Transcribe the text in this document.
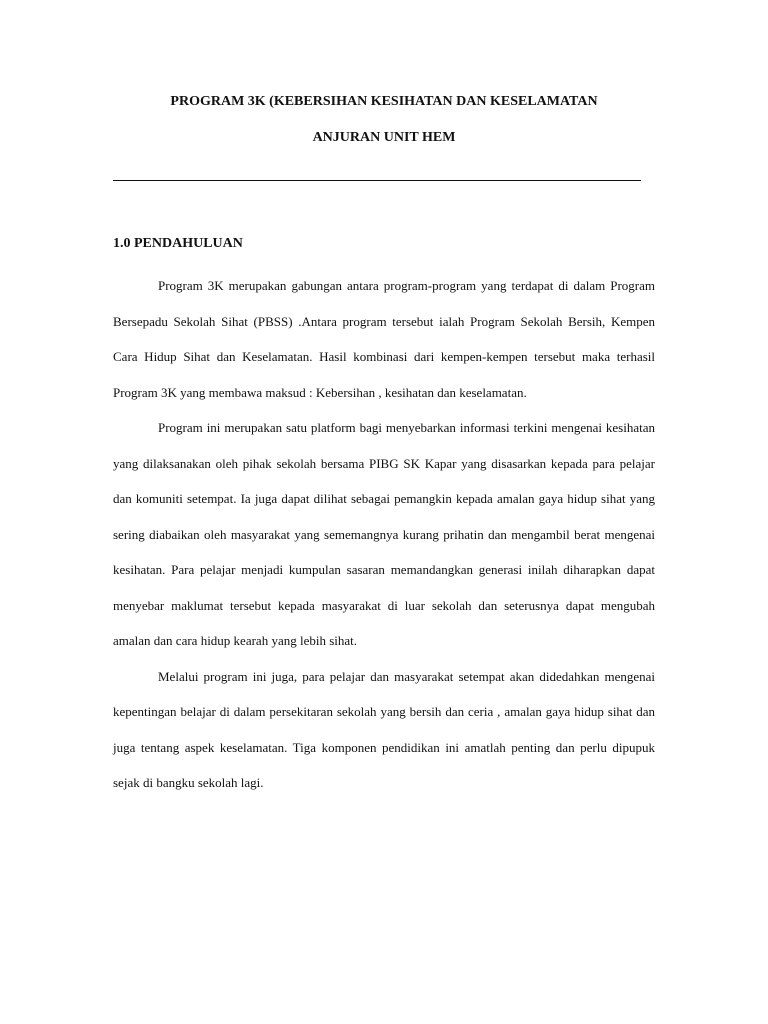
PROGRAM 3K (KEBERSIHAN KESIHATAN DAN KESELAMATAN
ANJURAN UNIT HEM
1.0 PENDAHULUAN

Program 3K merupakan gabungan antara program-program yang terdapat di dalam Program Bersepadu Sekolah Sihat (PBSS) .Antara program tersebut ialah Program Sekolah Bersih, Kempen Cara Hidup Sihat dan Keselamatan. Hasil kombinasi dari kempen-kempen tersebut maka terhasil Program 3K yang membawa maksud : Kebersihan , kesihatan dan keselamatan.

Program ini merupakan satu platform bagi menyebarkan informasi terkini mengenai kesihatan yang dilaksanakan oleh pihak sekolah bersama PIBG SK Kapar yang disasarkan kepada para pelajar dan komuniti setempat. Ia juga dapat dilihat sebagai pemangkin kepada amalan gaya hidup sihat yang sering diabaikan oleh masyarakat yang sememangnya kurang prihatin dan mengambil berat mengenai kesihatan. Para pelajar menjadi kumpulan sasaran memandangkan generasi inilah diharapkan dapat menyebar maklumat tersebut kepada masyarakat di luar sekolah dan seterusnya dapat mengubah amalan dan cara hidup kearah yang lebih sihat.

Melalui program ini juga, para pelajar dan masyarakat setempat akan didedahkan mengenai kepentingan belajar di dalam persekitaran sekolah yang bersih dan ceria , amalan gaya hidup sihat dan juga tentang aspek keselamatan. Tiga komponen pendidikan ini amatlah penting dan perlu dipupuk sejak di bangku sekolah lagi.
